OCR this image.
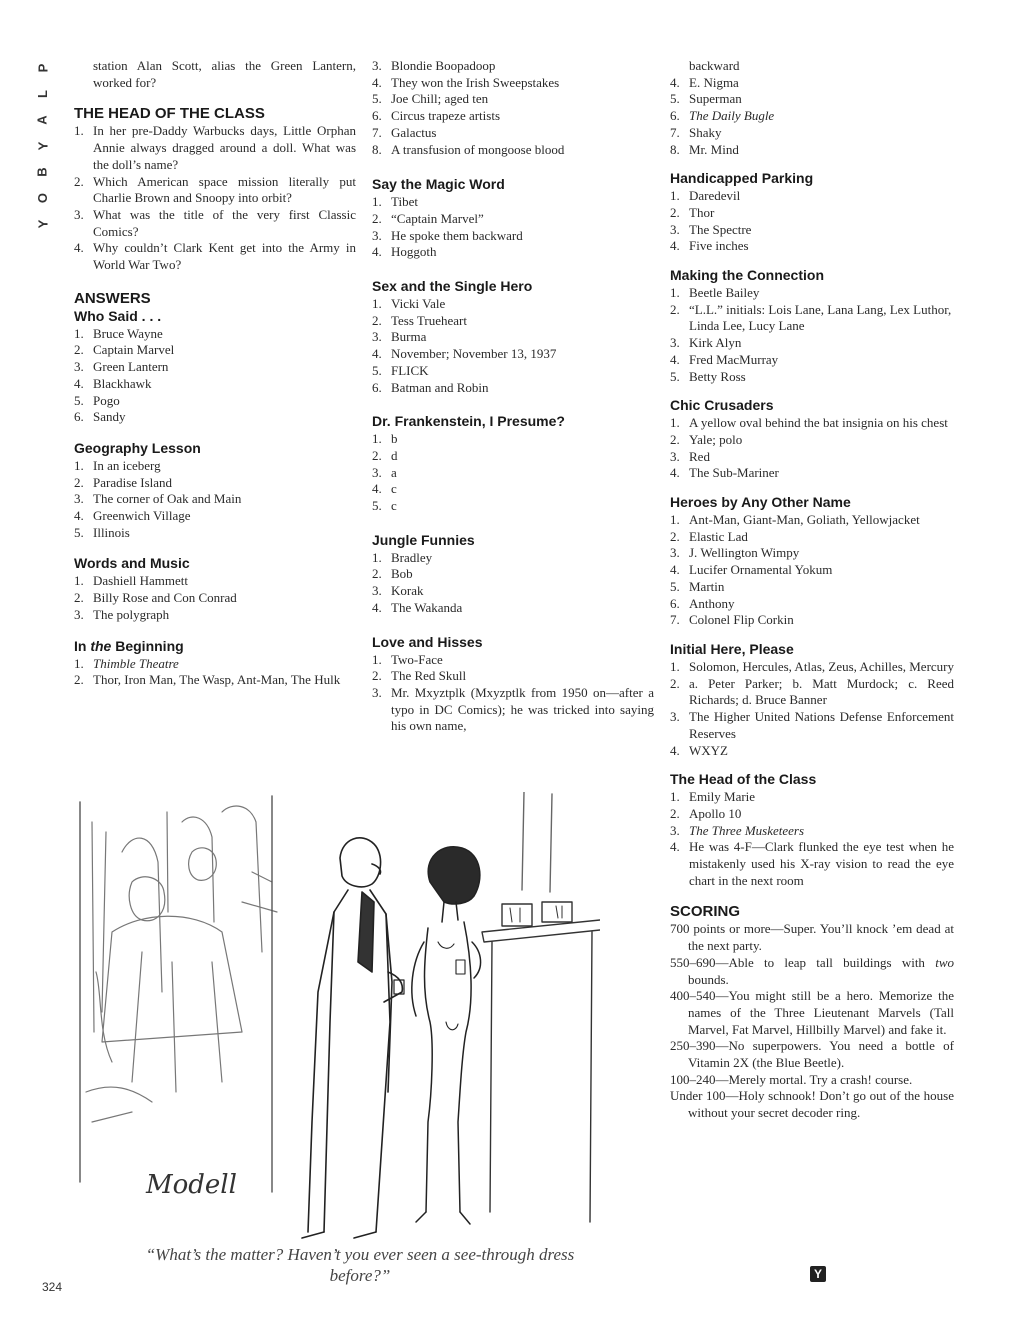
P
L
A
Y
B
O
Y

station Alan Scott, alias the Green Lantern, worked for?

THE HEAD OF THE CLASS

1. In her pre-Daddy Warbucks days, Little Orphan Annie always dragged around a doll. What was the doll’s name?

2. Which American space mission literally put Charlie Brown and Snoopy into orbit?

3. What was the title of the very first Classic Comics?

4. Why couldn’t Clark Kent get into the Army in World War Two?

ANSWERS
Who Said . . .

1. Bruce Wayne

2. Captain Marvel

3. Green Lantern

4. Blackhawk

5. Pogo

6. Sandy

Geography Lesson

1. In an iceberg

2. Paradise Island

3. The corner of Oak and Main

4. Greenwich Village

5. Illinois

Words and Music

1. Dashiell Hammett

2. Billy Rose and Con Conrad

3. The polygraph

In the Beginning

1. Thimble Theatre

2. Thor, Iron Man, The Wasp, Ant-Man, The Hulk

3. Blondie Boopadoop

4. They won the Irish Sweepstakes

5. Joe Chill; aged ten

6. Circus trapeze artists

7. Galactus

8. A transfusion of mongoose blood

Say the Magic Word

1. Tibet

2. “Captain Marvel”

3. He spoke them backward

4. Hoggoth

Sex and the Single Hero

1. Vicki Vale

2. Tess Trueheart

3. Burma

4. November; November 13, 1937

5. FLICK

6. Batman and Robin

Dr. Frankenstein, I Presume?

1. b

2. d

3. a

4. c

5. c

Jungle Funnies

1. Bradley

2. Bob

3. Korak

4. The Wakanda

Love and Hisses

1. Two-Face

2. The Red Skull

3. Mr. Mxyztplk (Mxyzptlk from 1950 on—after a typo in DC Comics); he was tricked into saying his own name,

backward

4. E. Nigma

5. Superman

6. The Daily Bugle

7. Shaky

8. Mr. Mind

Handicapped Parking

1. Daredevil

2. Thor

3. The Spectre

4. Five inches

Making the Connection

1. Beetle Bailey

2. “L.L.” initials: Lois Lane, Lana Lang, Lex Luthor, Linda Lee, Lucy Lane

3. Kirk Alyn

4. Fred MacMurray

5. Betty Ross

Chic Crusaders

1. A yellow oval behind the bat insignia on his chest

2. Yale; polo

3. Red

4. The Sub-Mariner

Heroes by Any Other Name

1. Ant-Man, Giant-Man, Goliath, Yellowjacket

2. Elastic Lad

3. J. Wellington Wimpy

4. Lucifer Ornamental Yokum

5. Martin

6. Anthony

7. Colonel Flip Corkin

Initial Here, Please

1. Solomon, Hercules, Atlas, Zeus, Achilles, Mercury

2. a. Peter Parker; b. Matt Murdock; c. Reed Richards; d. Bruce Banner

3. The Higher United Nations Defense Enforcement Reserves

4. WXYZ

The Head of the Class

1. Emily Marie

2. Apollo 10

3. The Three Musketeers

4. He was 4-F—Clark flunked the eye test when he mistakenly used his X-ray vision to read the eye chart in the next room

SCORING

700 points or more—Super. You’ll knock ’em dead at the next party.

550–690—Able to leap tall buildings with two bounds.

400–540—You might still be a hero. Memorize the names of the Three Lieutenant Marvels (Tall Marvel, Fat Marvel, Hillbilly Marvel) and fake it.

250–390—No superpowers. You need a bottle of Vitamin 2X (the Blue Beetle).

100–240—Merely mortal. Try a crash! course.

Under 100—Holy schnook! Don’t go out of the house without your secret decoder ring.

Modell

“What’s the matter? Haven’t you ever seen a see-through dress before?”

324
Y
